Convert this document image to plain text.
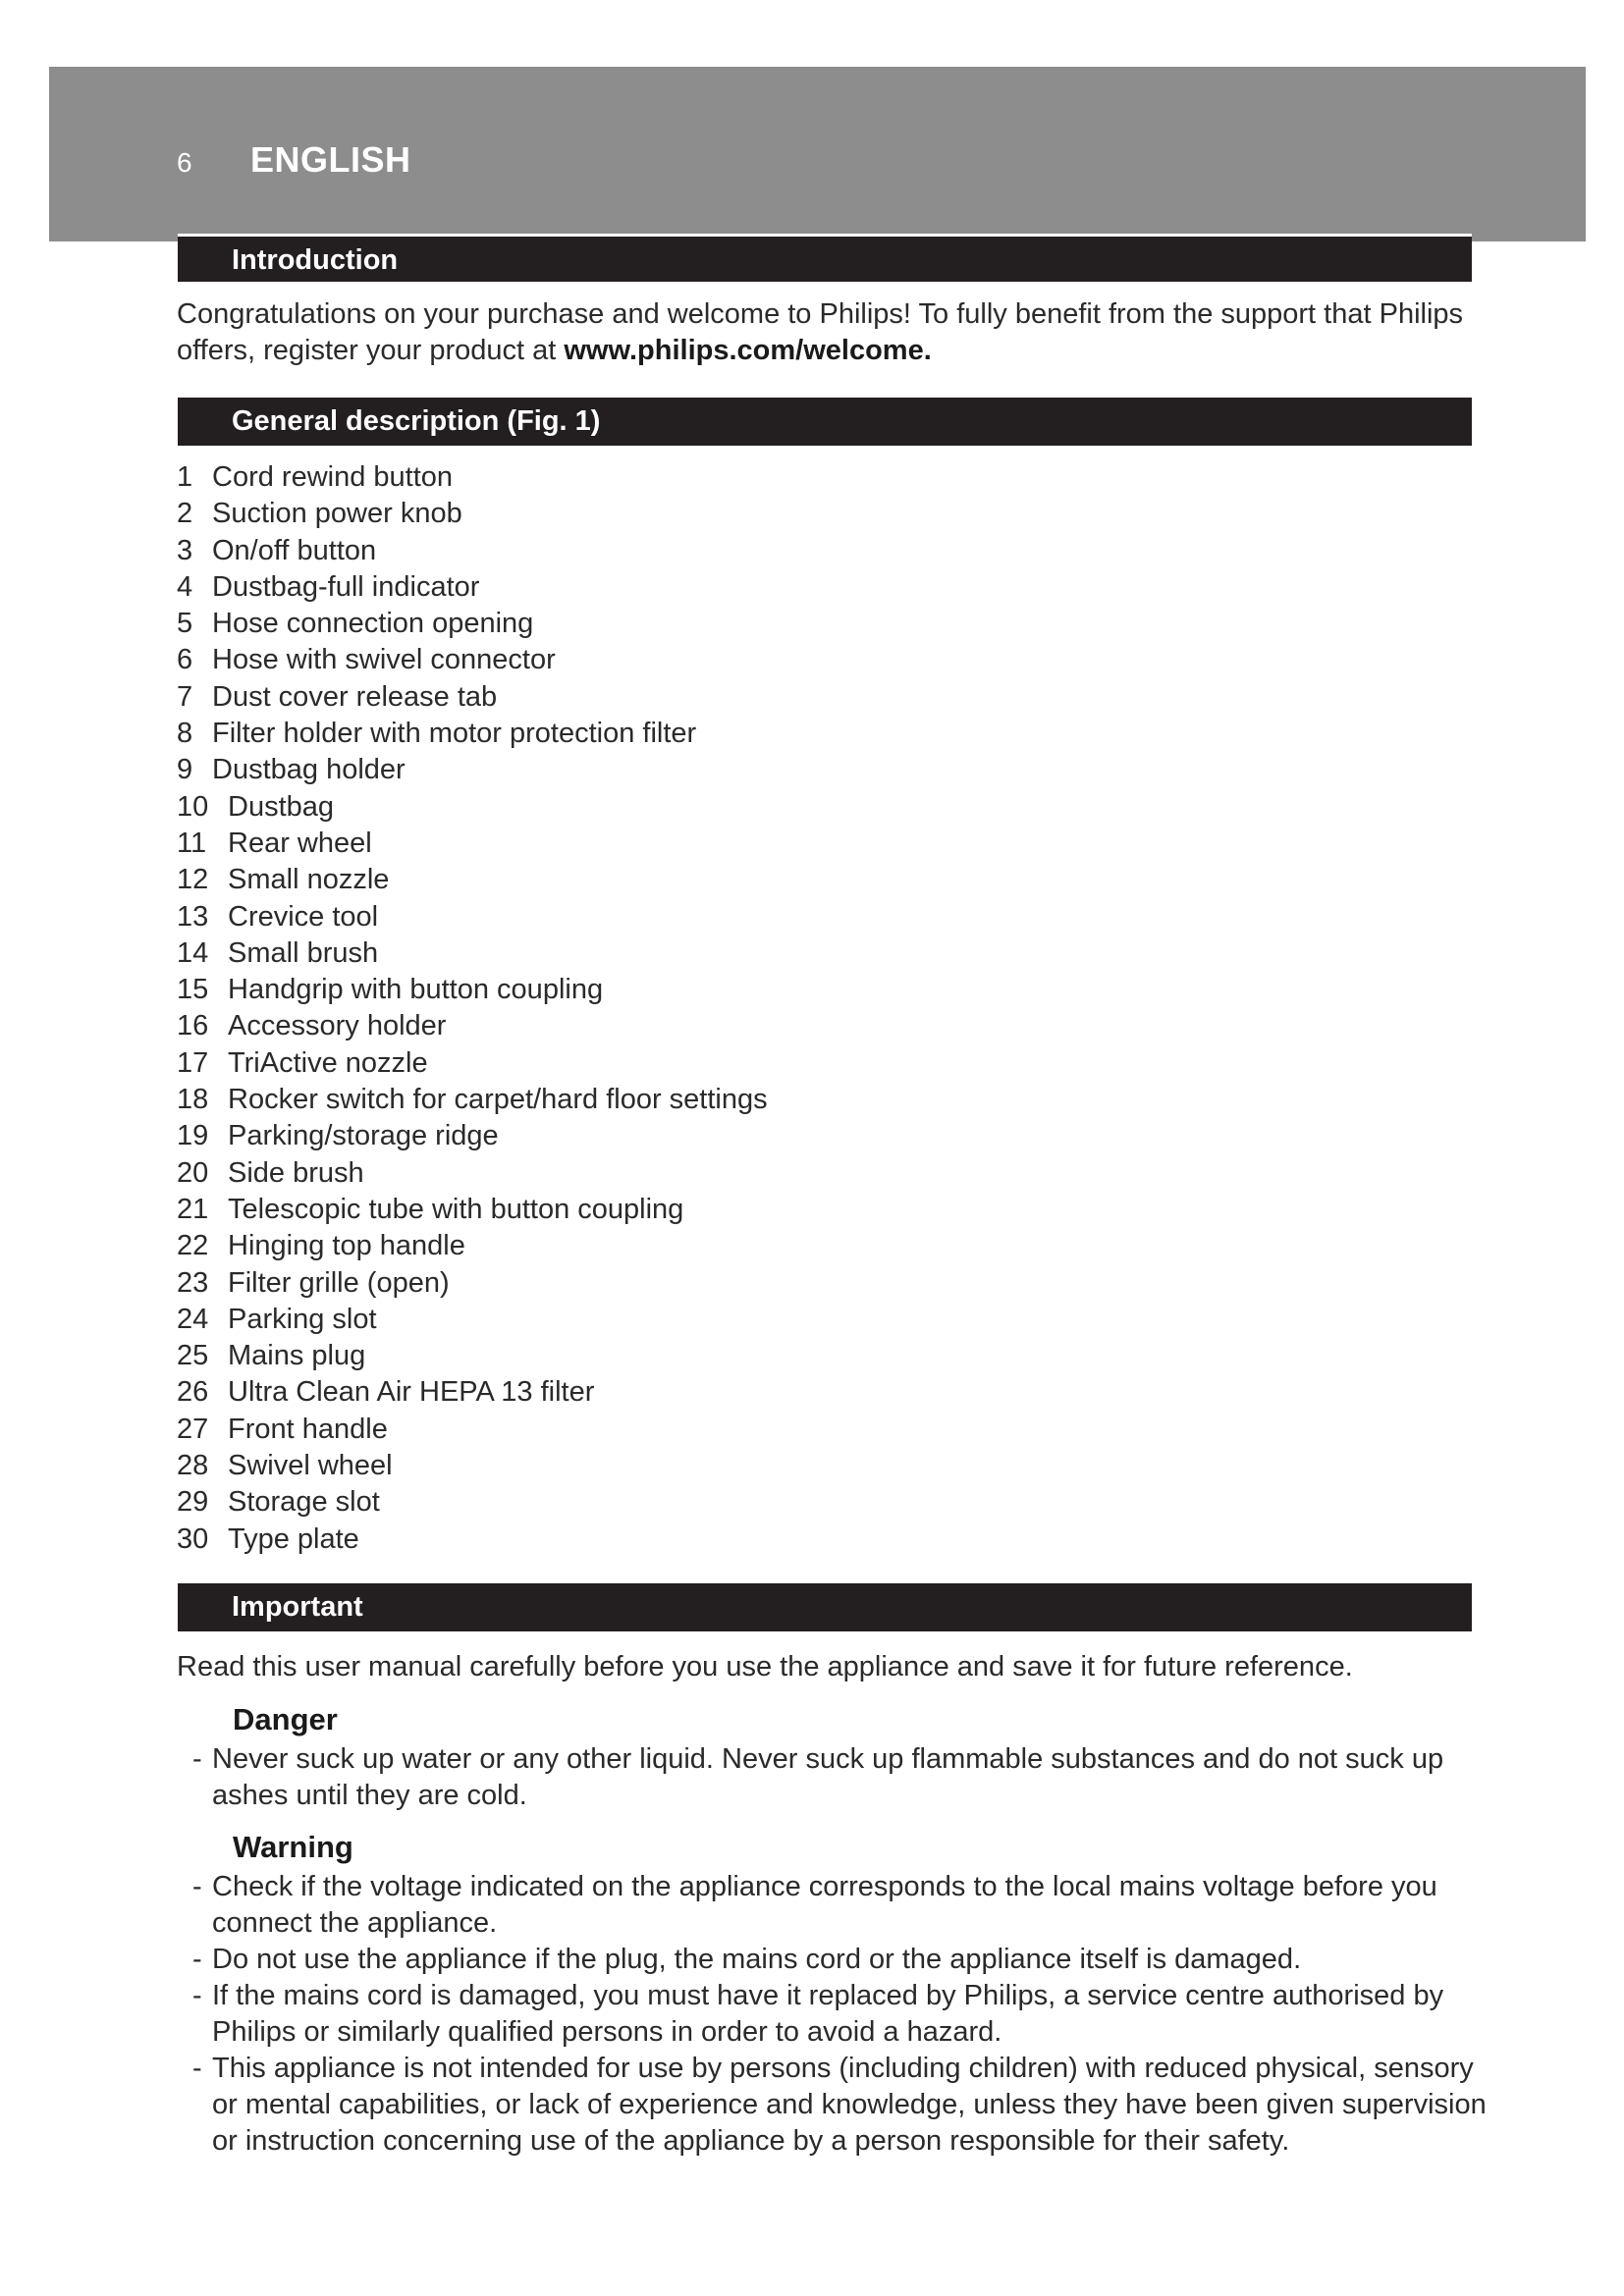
6 ENGLISH
Introduction
Congratulations on your purchase and welcome to Philips! To fully benefit from the support that Philips offers, register your product at www.philips.com/welcome.
General description (Fig. 1)
1 Cord rewind button
2 Suction power knob
3 On/off button
4 Dustbag-full indicator
5 Hose connection opening
6 Hose with swivel connector
7 Dust cover release tab
8 Filter holder with motor protection filter
9 Dustbag holder
10 Dustbag
11 Rear wheel
12 Small nozzle
13 Crevice tool
14 Small brush
15 Handgrip with button coupling
16 Accessory holder
17 TriActive nozzle
18 Rocker switch for carpet/hard floor settings
19 Parking/storage ridge
20 Side brush
21 Telescopic tube with button coupling
22 Hinging top handle
23 Filter grille (open)
24 Parking slot
25 Mains plug
26 Ultra Clean Air HEPA 13 filter
27 Front handle
28 Swivel wheel
29 Storage slot
30 Type plate
Important
Read this user manual carefully before you use the appliance and save it for future reference.
Danger
- Never suck up water or any other liquid. Never suck up flammable substances and do not suck up ashes until they are cold.
Warning
- Check if the voltage indicated on the appliance corresponds to the local mains voltage before you connect the appliance.
- Do not use the appliance if the plug, the mains cord or the appliance itself is damaged.
- If the mains cord is damaged, you must have it replaced by Philips, a service centre authorised by Philips or similarly qualified persons in order to avoid a hazard.
- This appliance is not intended for use by persons (including children) with reduced physical, sensory or mental capabilities, or lack of experience and knowledge, unless they have been given supervision or instruction concerning use of the appliance by a person responsible for their safety.
